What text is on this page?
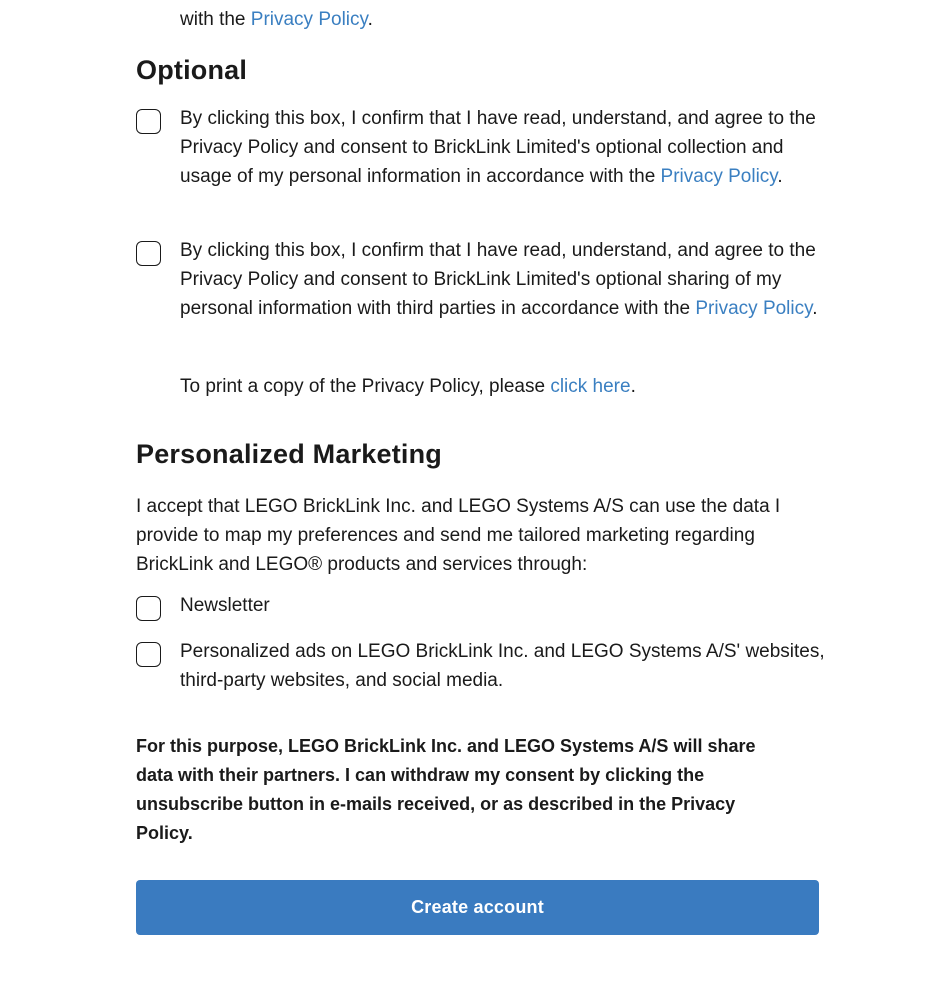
with the Privacy Policy.

Optional

By clicking this box, I confirm that I have read, understand, and agree to the Privacy Policy and consent to BrickLink Limited's optional collection and usage of my personal information in accordance with the Privacy Policy.

By clicking this box, I confirm that I have read, understand, and agree to the Privacy Policy and consent to BrickLink Limited's optional sharing of my personal information with third parties in accordance with the Privacy Policy.

To print a copy of the Privacy Policy, please click here.

Personalized Marketing

I accept that LEGO BrickLink Inc. and LEGO Systems A/S can use the data I provide to map my preferences and send me tailored marketing regarding BrickLink and LEGO® products and services through:

Newsletter

Personalized ads on LEGO BrickLink Inc. and LEGO Systems A/S' websites, third-party websites, and social media.

For this purpose, LEGO BrickLink Inc. and LEGO Systems A/S will share data with their partners. I can withdraw my consent by clicking the unsubscribe button in e-mails received, or as described in the Privacy Policy.

Create account
